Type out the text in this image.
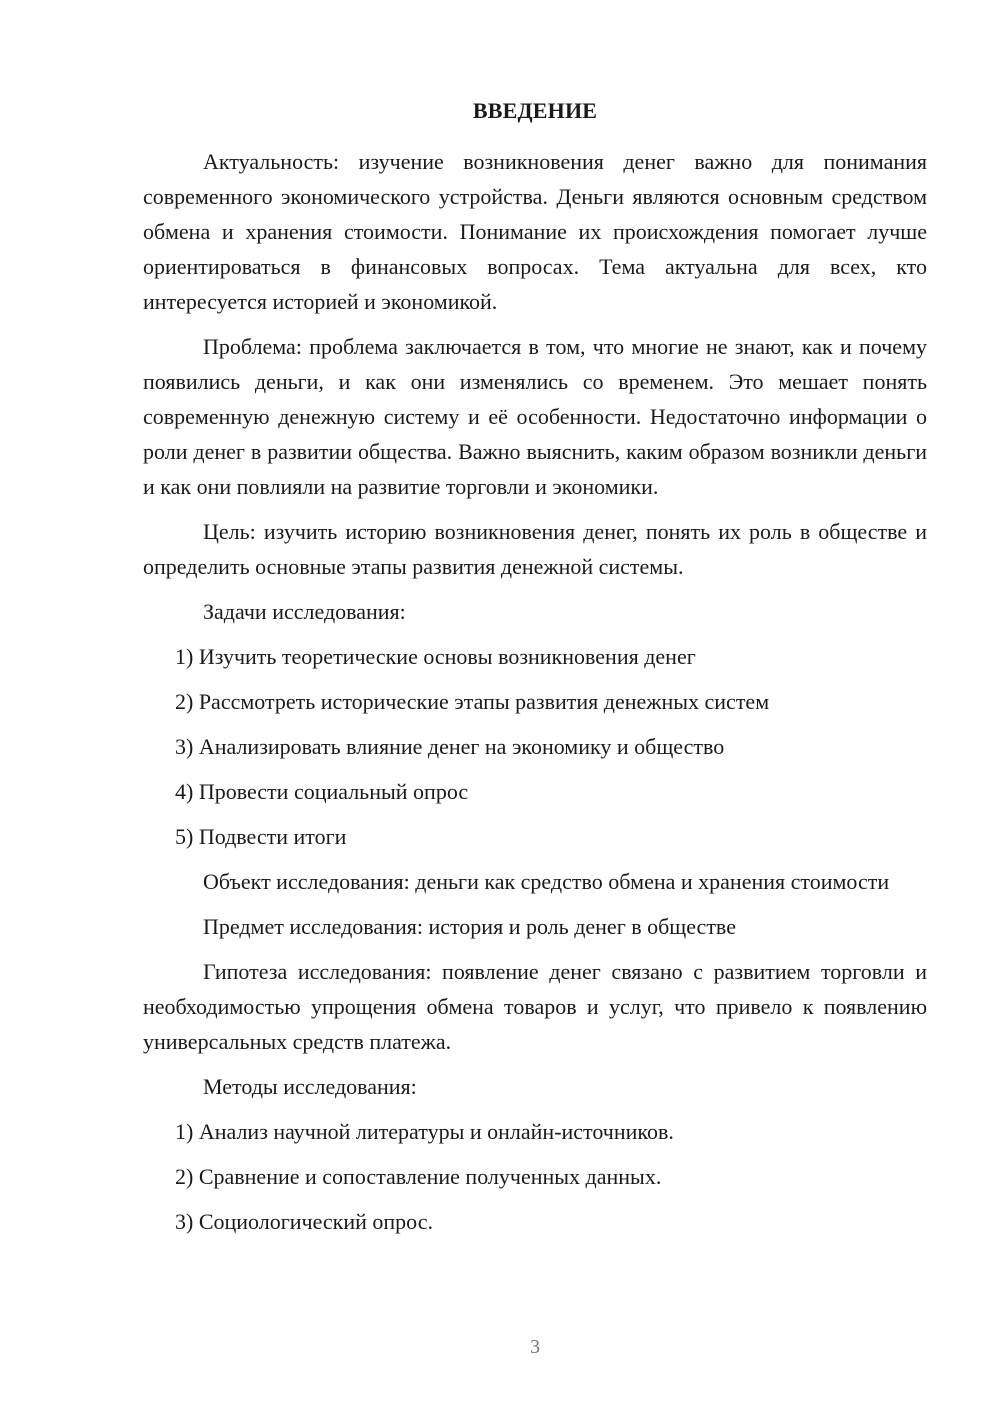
ВВЕДЕНИЕ

Актуальность: изучение возникновения денег важно для понимания современного экономического устройства. Деньги являются основным средством обмена и хранения стоимости. Понимание их происхождения помогает лучше ориентироваться в финансовых вопросах. Тема актуальна для всех, кто интересуется историей и экономикой.

Проблема: проблема заключается в том, что многие не знают, как и почему появились деньги, и как они изменялись со временем. Это мешает понять современную денежную систему и её особенности. Недостаточно информации о роли денег в развитии общества. Важно выяснить, каким образом возникли деньги и как они повлияли на развитие торговли и экономики.

Цель: изучить историю возникновения денег, понять их роль в обществе и определить основные этапы развития денежной системы.

Задачи исследования:

1) Изучить теоретические основы возникновения денег

2) Рассмотреть исторические этапы развития денежных систем

3) Анализировать влияние денег на экономику и общество

4) Провести социальный опрос

5) Подвести итоги

Объект исследования: деньги как средство обмена и хранения стоимости

Предмет исследования: история и роль денег в обществе

Гипотеза исследования: появление денег связано с развитием торговли и необходимостью упрощения обмена товаров и услуг, что привело к появлению универсальных средств платежа.

Методы исследования:

1) Анализ научной литературы и онлайн-источников.

2) Сравнение и сопоставление полученных данных.

3) Социологический опрос.

3
